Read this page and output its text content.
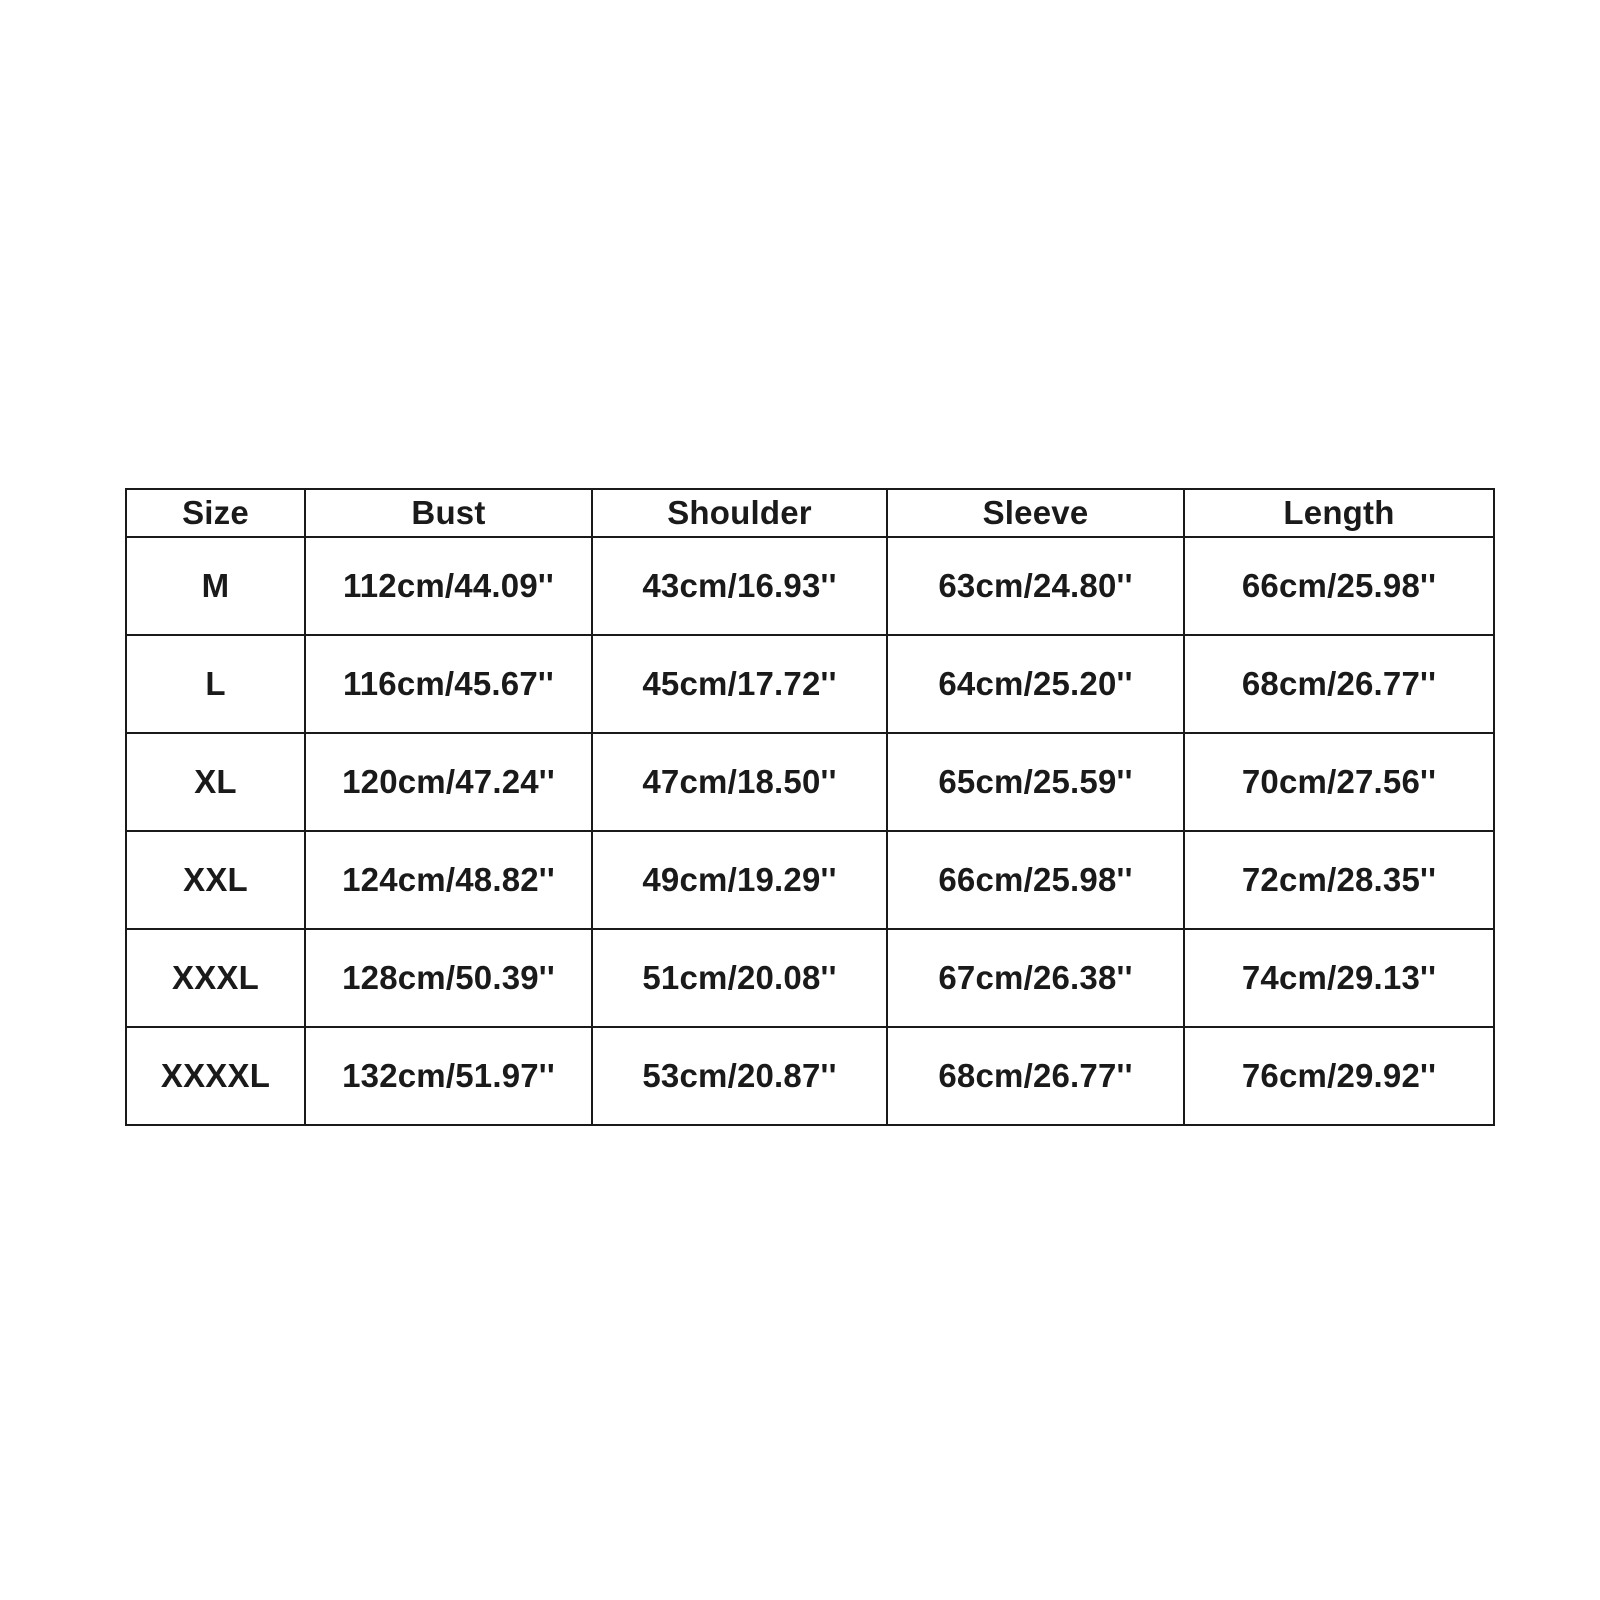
Size	Bust	Shoulder	Sleeve	Length
M	112cm/44.09''	43cm/16.93''	63cm/24.80''	66cm/25.98''
L	116cm/45.67''	45cm/17.72''	64cm/25.20''	68cm/26.77''
XL	120cm/47.24''	47cm/18.50''	65cm/25.59''	70cm/27.56''
XXL	124cm/48.82''	49cm/19.29''	66cm/25.98''	72cm/28.35''
XXXL	128cm/50.39''	51cm/20.08''	67cm/26.38''	74cm/29.13''
XXXXL	132cm/51.97''	53cm/20.87''	68cm/26.77''	76cm/29.92''
